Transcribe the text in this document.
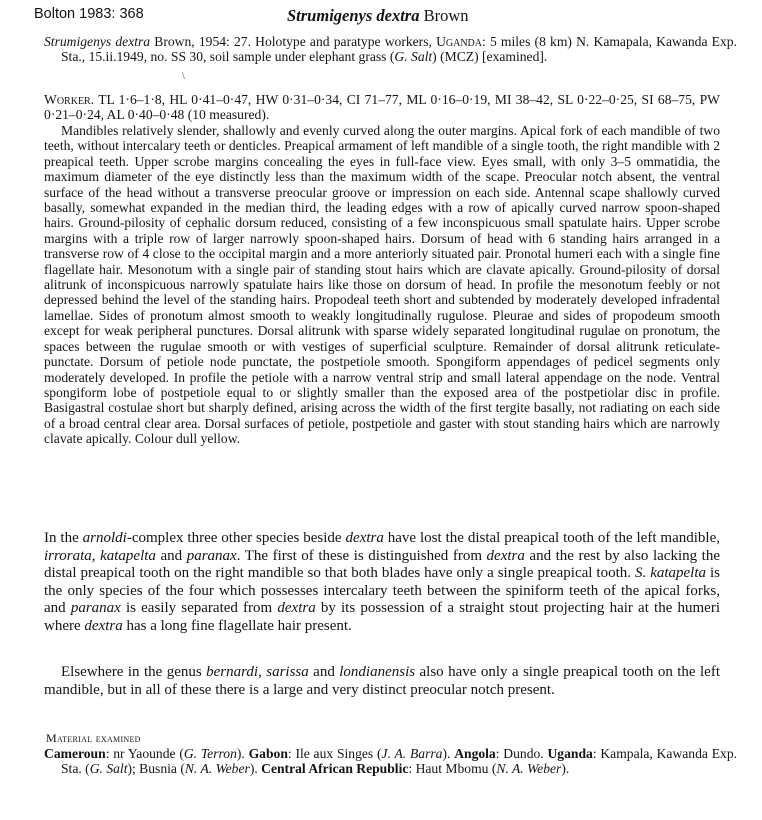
Bolton 1983: 368	Strumigenys dextra Brown
Strumigenys dextra Brown, 1954: 27. Holotype and paratype workers, Uganda: 5 miles (8 km) N. Kamapala, Kawanda Exp. Sta., 15.ii.1949, no. SS 30, soil sample under elephant grass (G. Salt) (MCZ) [examined].
\
Worker. TL 1·6–1·8, HL 0·41–0·47, HW 0·31–0·34, CI 71–77, ML 0·16–0·19, MI 38–42, SL 0·22–0·25, SI 68–75, PW 0·21–0·24, AL 0·40–0·48 (10 measured).
Mandibles relatively slender, shallowly and evenly curved along the outer margins. Apical fork of each mandible of two teeth, without intercalary teeth or denticles. Preapical armament of left mandible of a single tooth, the right mandible with 2 preapical teeth. Upper scrobe margins concealing the eyes in full-face view. Eyes small, with only 3–5 ommatidia, the maximum diameter of the eye distinctly less than the maximum width of the scape. Preocular notch absent, the ventral surface of the head without a transverse preocular groove or impression on each side. Antennal scape shallowly curved basally, somewhat expanded in the median third, the leading edges with a row of apically curved narrow spoon-shaped hairs. Ground-pilosity of cephalic dorsum reduced, consisting of a few inconspicuous small spatulate hairs. Upper scrobe margins with a triple row of larger narrowly spoon-shaped hairs. Dorsum of head with 6 standing hairs arranged in a transverse row of 4 close to the occipital margin and a more anteriorly situated pair. Pronotal humeri each with a single fine flagellate hair. Mesonotum with a single pair of standing stout hairs which are clavate apically. Ground-pilosity of dorsal alitrunk of inconspicuous narrowly spatulate hairs like those on dorsum of head. In profile the mesonotum feebly or not depressed behind the level of the standing hairs. Propodeal teeth short and subtended by moderately developed infradental lamellae. Sides of pronotum almost smooth to weakly longitudinally rugulose. Pleurae and sides of propodeum smooth except for weak peripheral punctures. Dorsal alitrunk with sparse widely separated longitudinal rugulae on pronotum, the spaces between the rugulae smooth or with vestiges of superficial sculpture. Remainder of dorsal alitrunk reticulate-punctate. Dorsum of petiole node punctate, the postpetiole smooth. Spongiform appendages of pedicel segments only moderately developed. In profile the petiole with a narrow ventral strip and small lateral appendage on the node. Ventral spongiform lobe of postpetiole equal to or slightly smaller than the exposed area of the postpetiolar disc in profile. Basigastral costulae short but sharply defined, arising across the width of the first tergite basally, not radiating on each side of a broad central clear area. Dorsal surfaces of petiole, postpetiole and gaster with stout standing hairs which are narrowly clavate apically. Colour dull yellow.
In the arnoldi-complex three other species beside dextra have lost the distal preapical tooth of the left mandible, irrorata, katapelta and paranax. The first of these is distinguished from dextra and the rest by also lacking the distal preapical tooth on the right mandible so that both blades have only a single preapical tooth. S. katapelta is the only species of the four which possesses intercalary teeth between the spiniform teeth of the apical forks, and paranax is easily separated from dextra by its possession of a straight stout projecting hair at the humeri where dextra has a long fine flagellate hair present.
Elsewhere in the genus bernardi, sarissa and londianensis also have only a single preapical tooth on the left mandible, but in all of these there is a large and very distinct preocular notch present.
Material examined
Cameroun: nr Yaounde (G. Terron). Gabon: Ile aux Singes (J. A. Barra). Angola: Dundo. Uganda: Kampala, Kawanda Exp. Sta. (G. Salt); Busnia (N. A. Weber). Central African Republic: Haut Mbomu (N. A. Weber).
